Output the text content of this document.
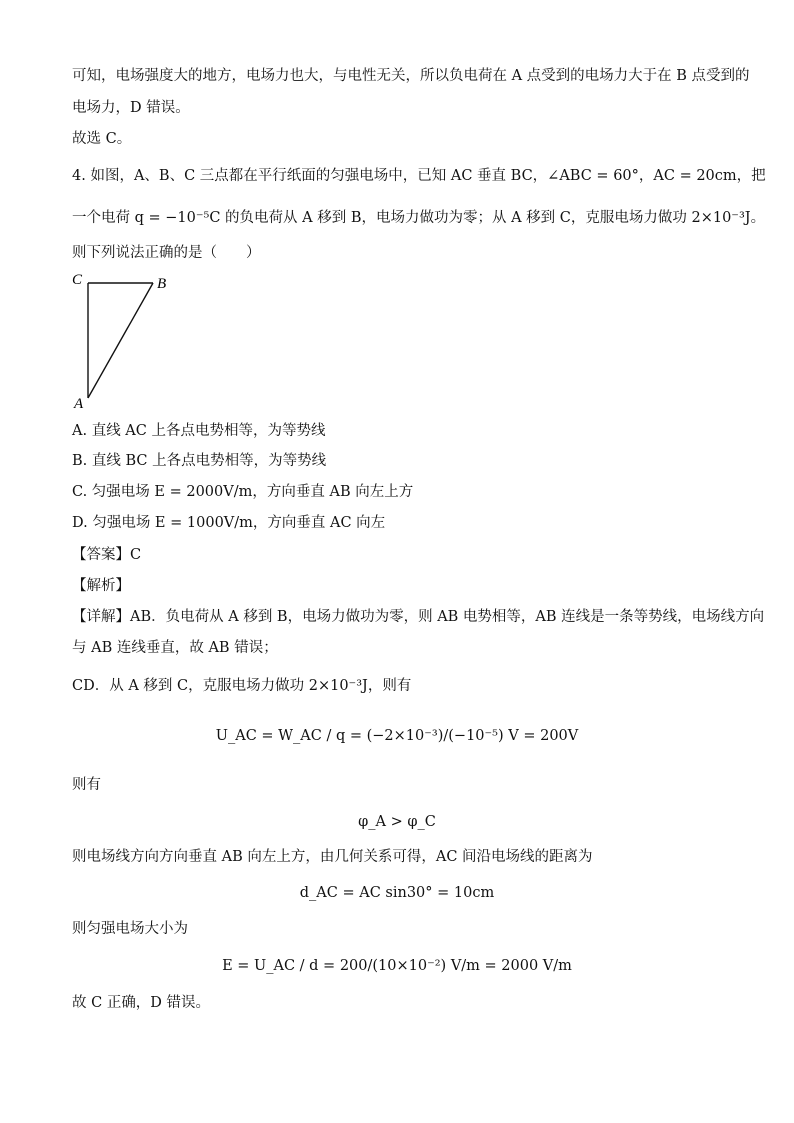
可知，电场强度大的地方，电场力也大，与电性无关，所以负电荷在 A 点受到的电场力大于在 B 点受到的
电场力，D 错误。
故选 C。
4. 如图，A、B、C 三点都在平行纸面的匀强电场中，已知 AC 垂直 BC，∠ABC = 60°，AC = 20cm，把
一个电荷 q = −10⁻⁵C 的负电荷从 A 移到 B，电场力做功为零；从 A 移到 C，克服电场力做功 2×10⁻³J。
则下列说法正确的是（　　）
C	B
A
A. 直线 AC 上各点电势相等，为等势线
B. 直线 BC 上各点电势相等，为等势线
C. 匀强电场 E = 2000V/m，方向垂直 AB 向左上方
D. 匀强电场 E = 1000V/m，方向垂直 AC 向左
【答案】C
【解析】
【详解】AB．负电荷从 A 移到 B，电场力做功为零，则 AB 电势相等，AB 连线是一条等势线，电场线方向
与 AB 连线垂直，故 AB 错误；
CD．从 A 移到 C，克服电场力做功 2×10⁻³J，则有
U_AC = W_AC / q = (−2×10⁻³)/(−10⁻⁵) V = 200V
则有
φ_A > φ_C
则电场线方向方向垂直 AB 向左上方，由几何关系可得，AC 间沿电场线的距离为
d_AC = AC sin30° = 10cm
则匀强电场大小为
E = U_AC / d = 200/(10×10⁻²) V/m = 2000 V/m
故 C 正确，D 错误。
